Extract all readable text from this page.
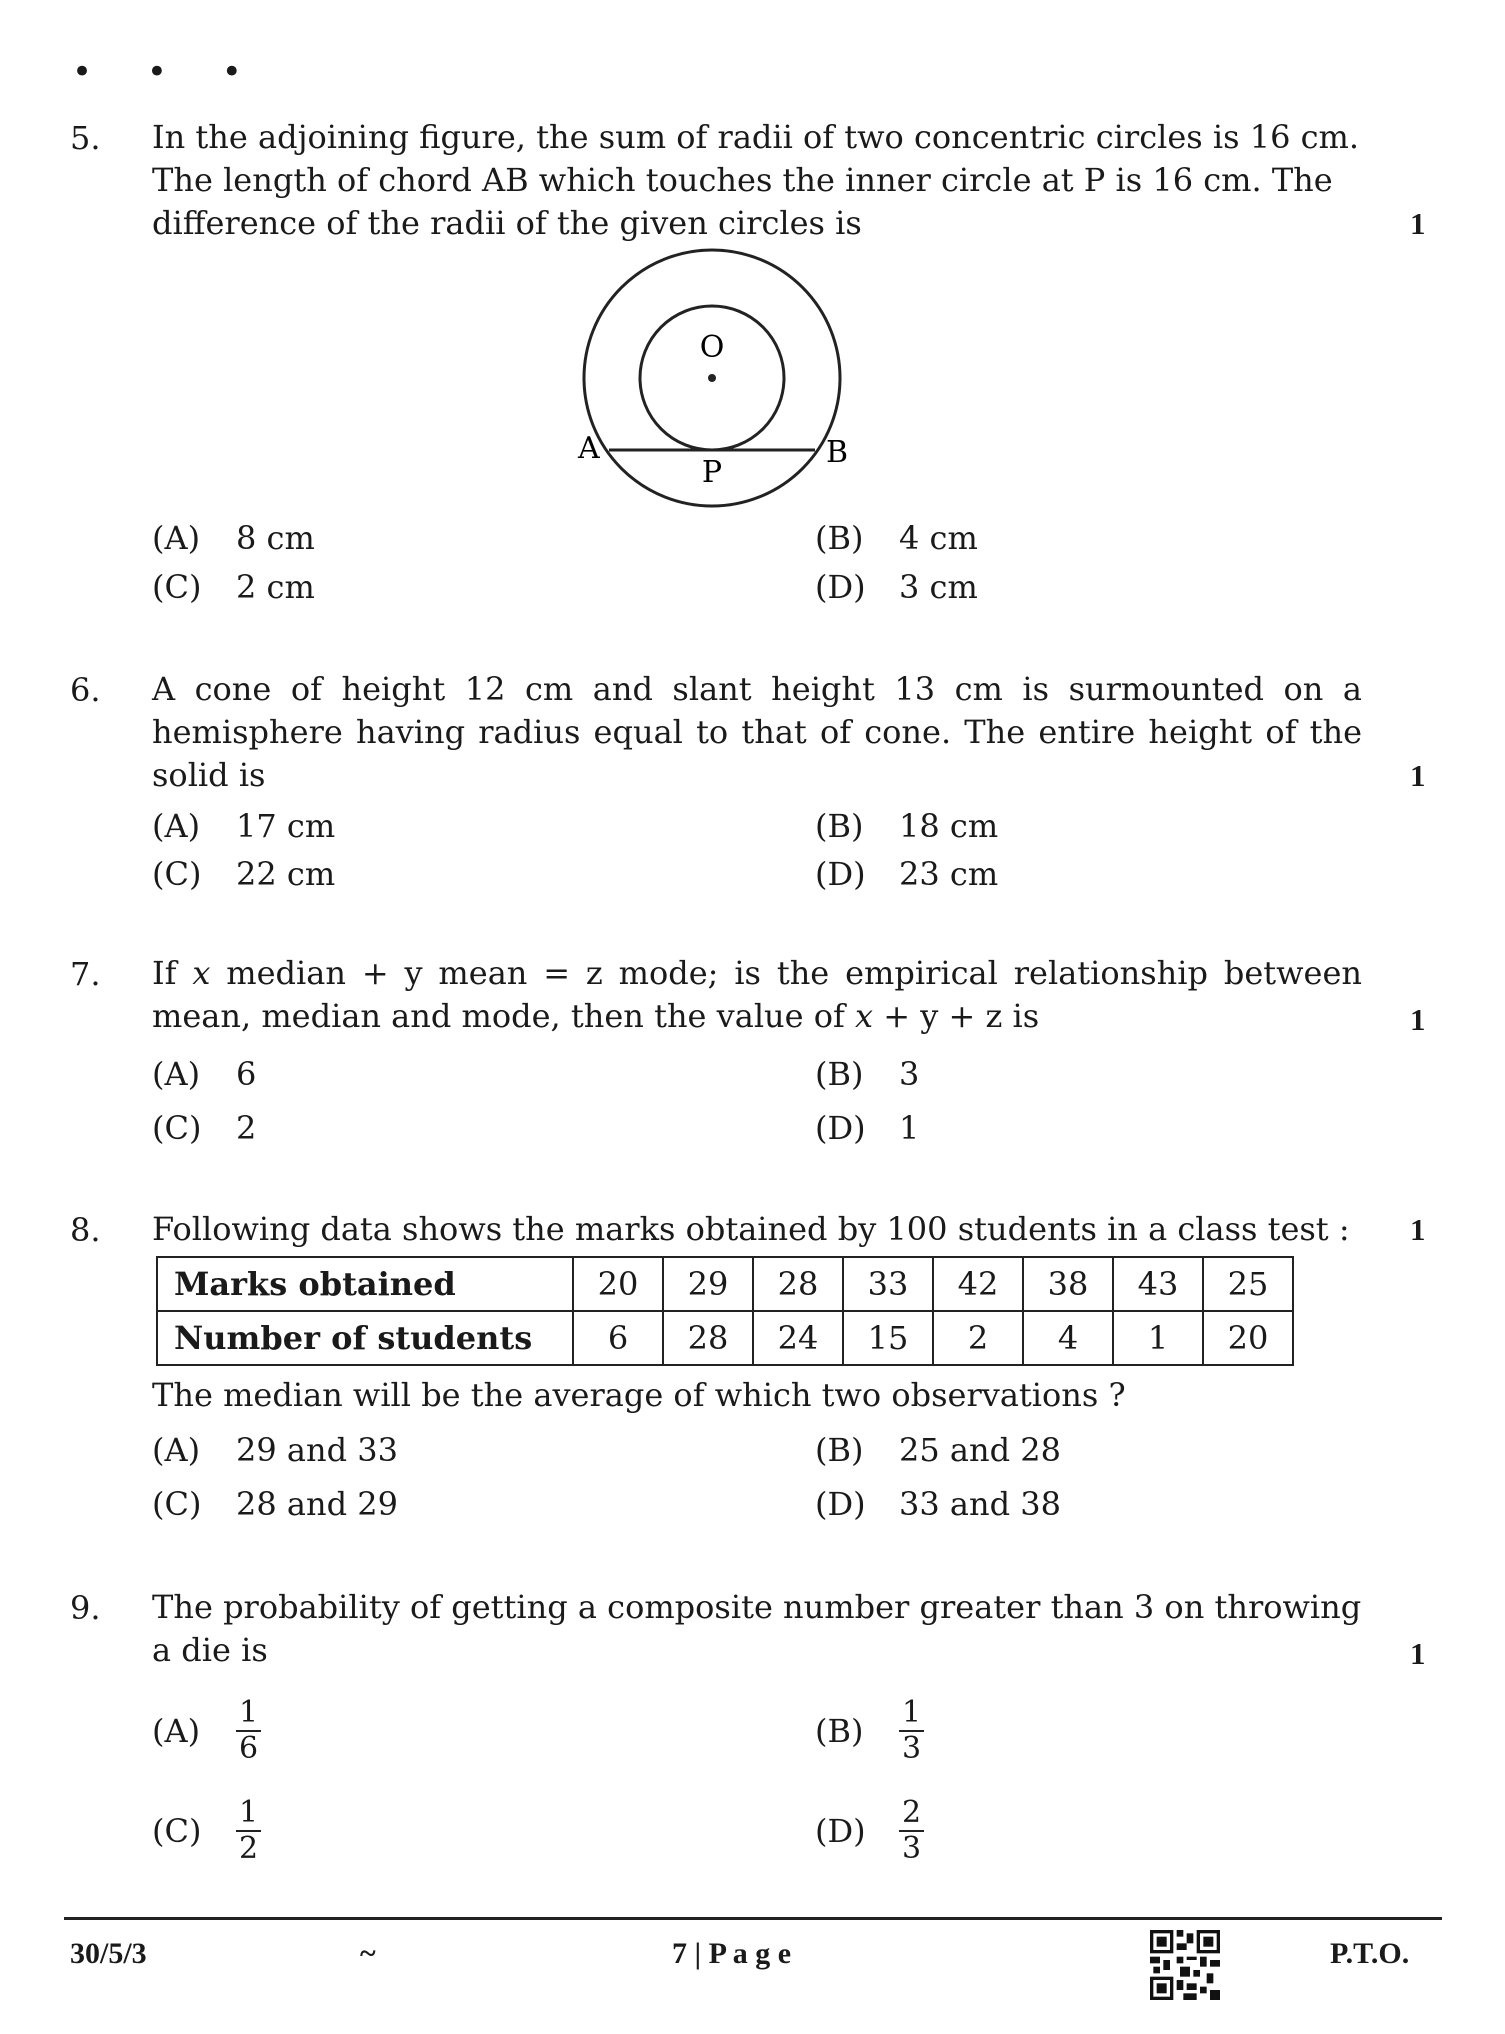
• • •
5. In the adjoining figure, the sum of radii of two concentric circles is 16 cm.
The length of chord AB which touches the inner circle at P is 16 cm. The
difference of the radii of the given circles is	1
O
A	B
P
(A) 8 cm	(B) 4 cm
(C) 2 cm	(D) 3 cm
6. A cone of height 12 cm and slant height 13 cm is surmounted on a
hemisphere having radius equal to that of cone. The entire height of the
solid is	1
(A) 17 cm	(B) 18 cm
(C) 22 cm	(D) 23 cm
7. If x median + y mean = z mode; is the empirical relationship between
mean, median and mode, then the value of x + y + z is	1
(A) 6	(B) 3
(C) 2	(D) 1
8. Following data shows the marks obtained by 100 students in a class test :	1
Marks obtained	20	29	28	33	42	38	43	25
Number of students	6	28	24	15	2	4	1	20
The median will be the average of which two observations ?
(A) 29 and 33	(B) 25 and 28
(C) 28 and 29	(D) 33 and 38
9. The probability of getting a composite number greater than 3 on throwing
a die is	1
$(A) \frac{1}{6}$	$(B) \frac{1}{3}$
$(C) \frac{1}{2}$	$(D) \frac{2}{3}$
30/5/3	~	7 | P a g e	P.T.O.
